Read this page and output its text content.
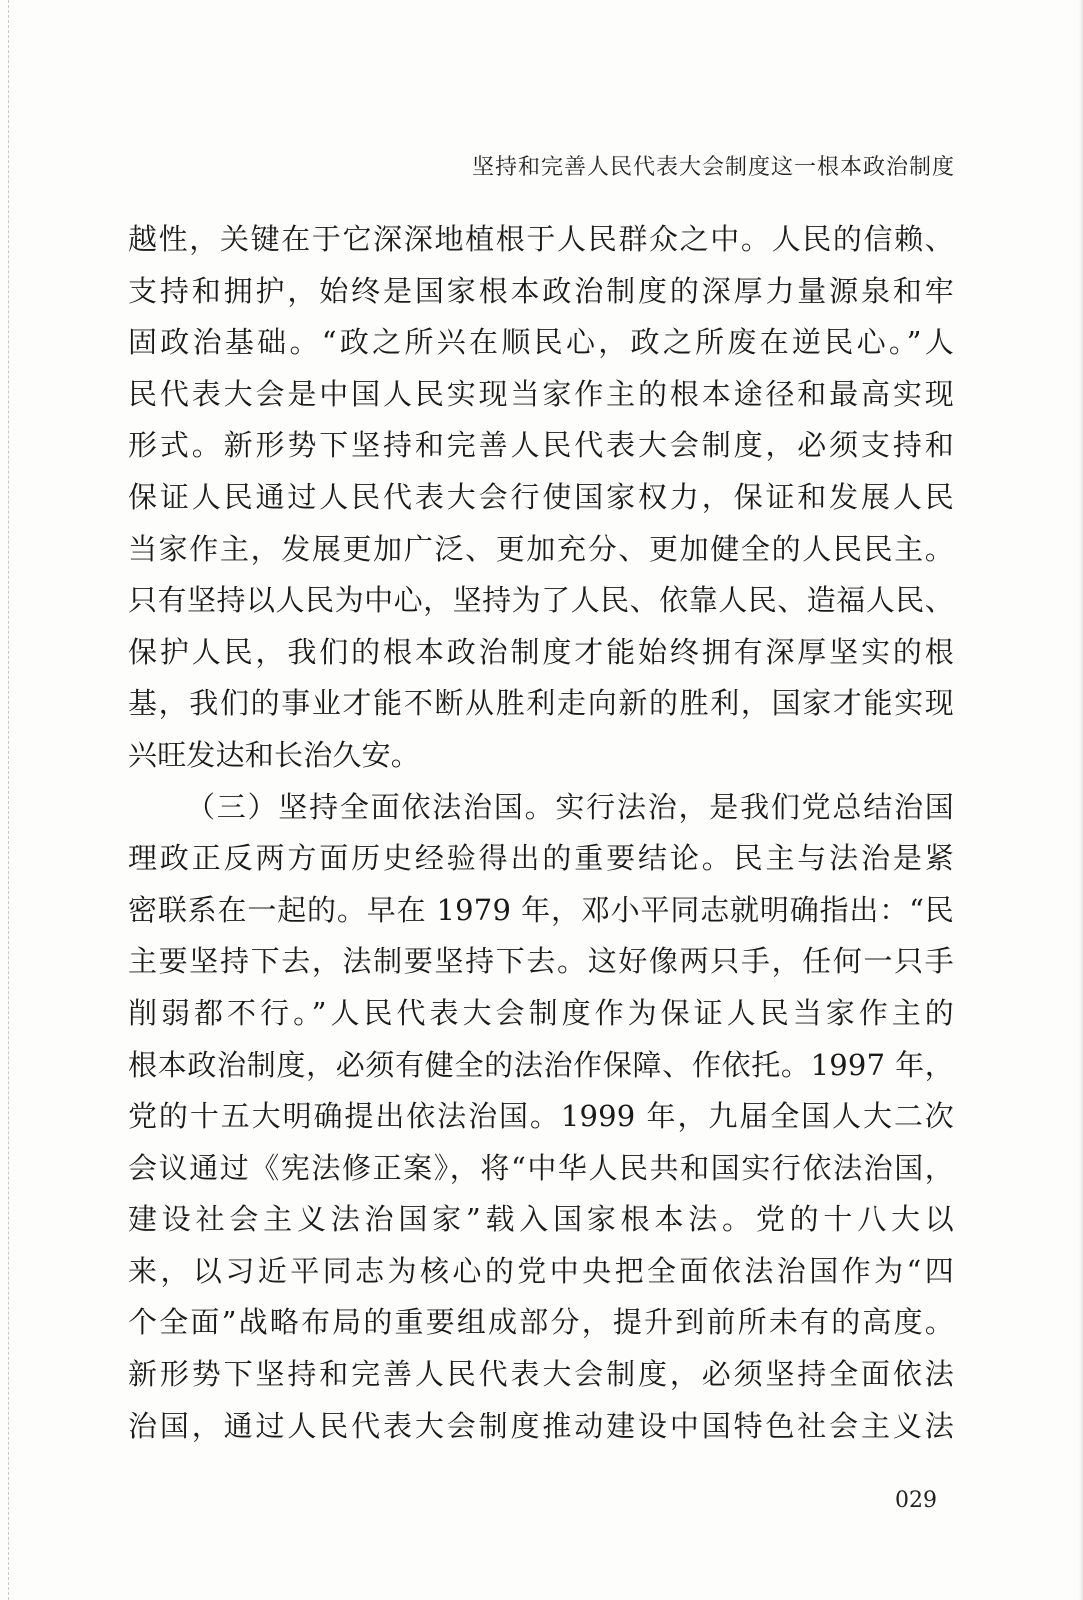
坚持和完善人民代表大会制度这一根本政治制度
越性，关键在于它深深地植根于人民群众之中。人民的信赖、
支持和拥护，始终是国家根本政治制度的深厚力量源泉和牢
固政治基础。“政之所兴在顺民心，政之所废在逆民心。”人
民代表大会是中国人民实现当家作主的根本途径和最高实现
形式。新形势下坚持和完善人民代表大会制度，必须支持和
保证人民通过人民代表大会行使国家权力，保证和发展人民
当家作主，发展更加广泛、更加充分、更加健全的人民民主。
只有坚持以人民为中心，坚持为了人民、依靠人民、造福人民、
保护人民，我们的根本政治制度才能始终拥有深厚坚实的根
基，我们的事业才能不断从胜利走向新的胜利，国家才能实现
兴旺发达和长治久安。
（三）坚持全面依法治国。实行法治，是我们党总结治国
理政正反两方面历史经验得出的重要结论。民主与法治是紧
密联系在一起的。早在 1979 年，邓小平同志就明确指出：“民
主要坚持下去，法制要坚持下去。这好像两只手，任何一只手
削弱都不行。”人民代表大会制度作为保证人民当家作主的
根本政治制度，必须有健全的法治作保障、作依托。1997 年，
党的十五大明确提出依法治国。1999 年，九届全国人大二次
会议通过《宪法修正案》，将“中华人民共和国实行依法治国，
建设社会主义法治国家”载入国家根本法。党的十八大以
来，以习近平同志为核心的党中央把全面依法治国作为“四
个全面”战略布局的重要组成部分，提升到前所未有的高度。
新形势下坚持和完善人民代表大会制度，必须坚持全面依法
治国，通过人民代表大会制度推动建设中国特色社会主义法
029
